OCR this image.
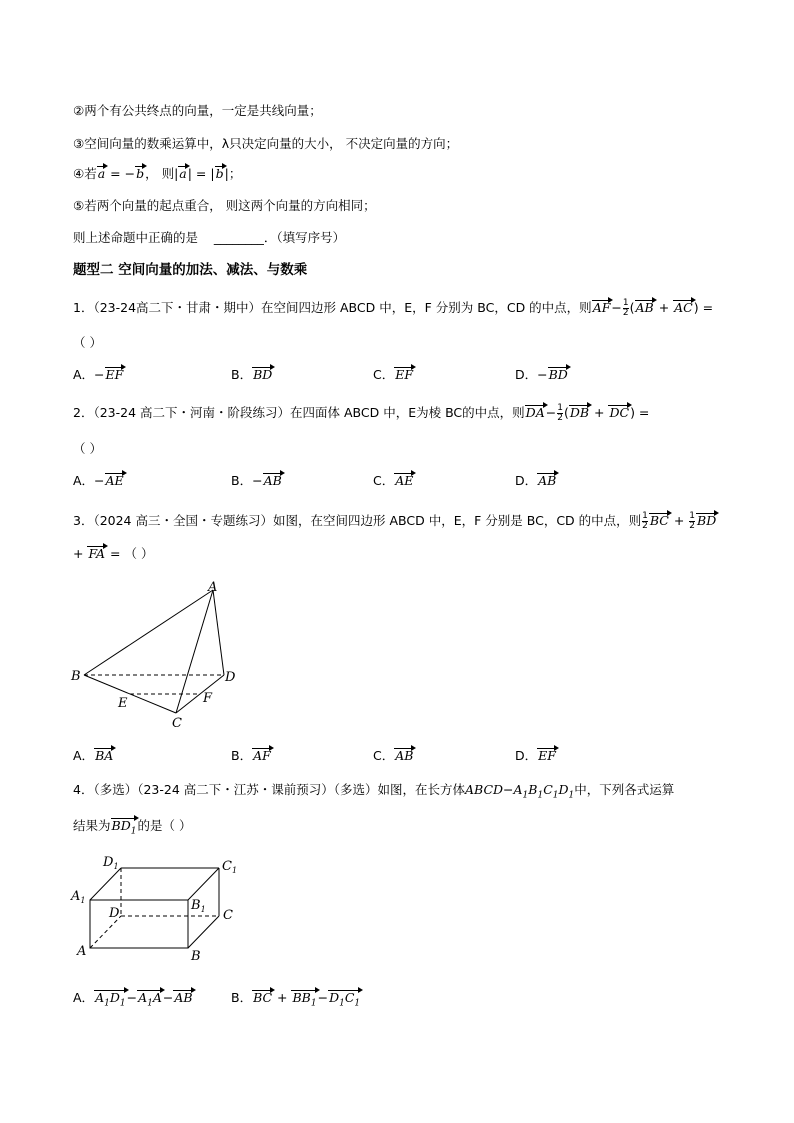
②两个有公共终点的向量，一定是共线向量；
③空间向量的数乘运算中，λ只决定向量的大小， 不决定向量的方向；
④若a = −b， 则|a| = |b|；
⑤若两个向量的起点重合， 则这两个向量的方向相同；
则上述命题中正确的是 ________．（填写序号）
题型二 空间向量的加法、减法、与数乘
1．（23-24高二下・甘肃・期中）在空间四边形 ABCD 中，E，F 分别为 BC，CD 的中点，则$AF- \frac{1}{2} (AB + AC)$ =
（ ）
A．−EF	B．BD	C．EF	D．−BD
2．（23-24 高二下・河南・阶段练习）在四面体 ABCD 中，E为棱 BC的中点，则$DA- \frac{1}{2} (DB + DC)$ =
（ ）
A．−AE	B．−AB	C．AE	D．AB
3．（2024 高三・全国・专题练习）如图，在空间四边形 ABCD 中，E，F 分别是 BC，CD 的中点，则 $\frac{1}{2}$ BC + $\frac{1}{2}$ BD
+ FA = （ ）
A
B
C
D
E	F
A．BA	B．AF	C．AB	D．EF
4．（多选）（23-24 高二下・江苏・课前预习）（多选）如图，在长方体$ABCD-A_1B_1C_1D_1$中，下列各式运算
结果为$BD_1$的是（ ）
$D_1$	$C_1$
$A_1$	$B_1$
D	C
A	B
A．$A_1D_1-A_1A-AB$	B．BC + $BB_1-D_1C_1$
